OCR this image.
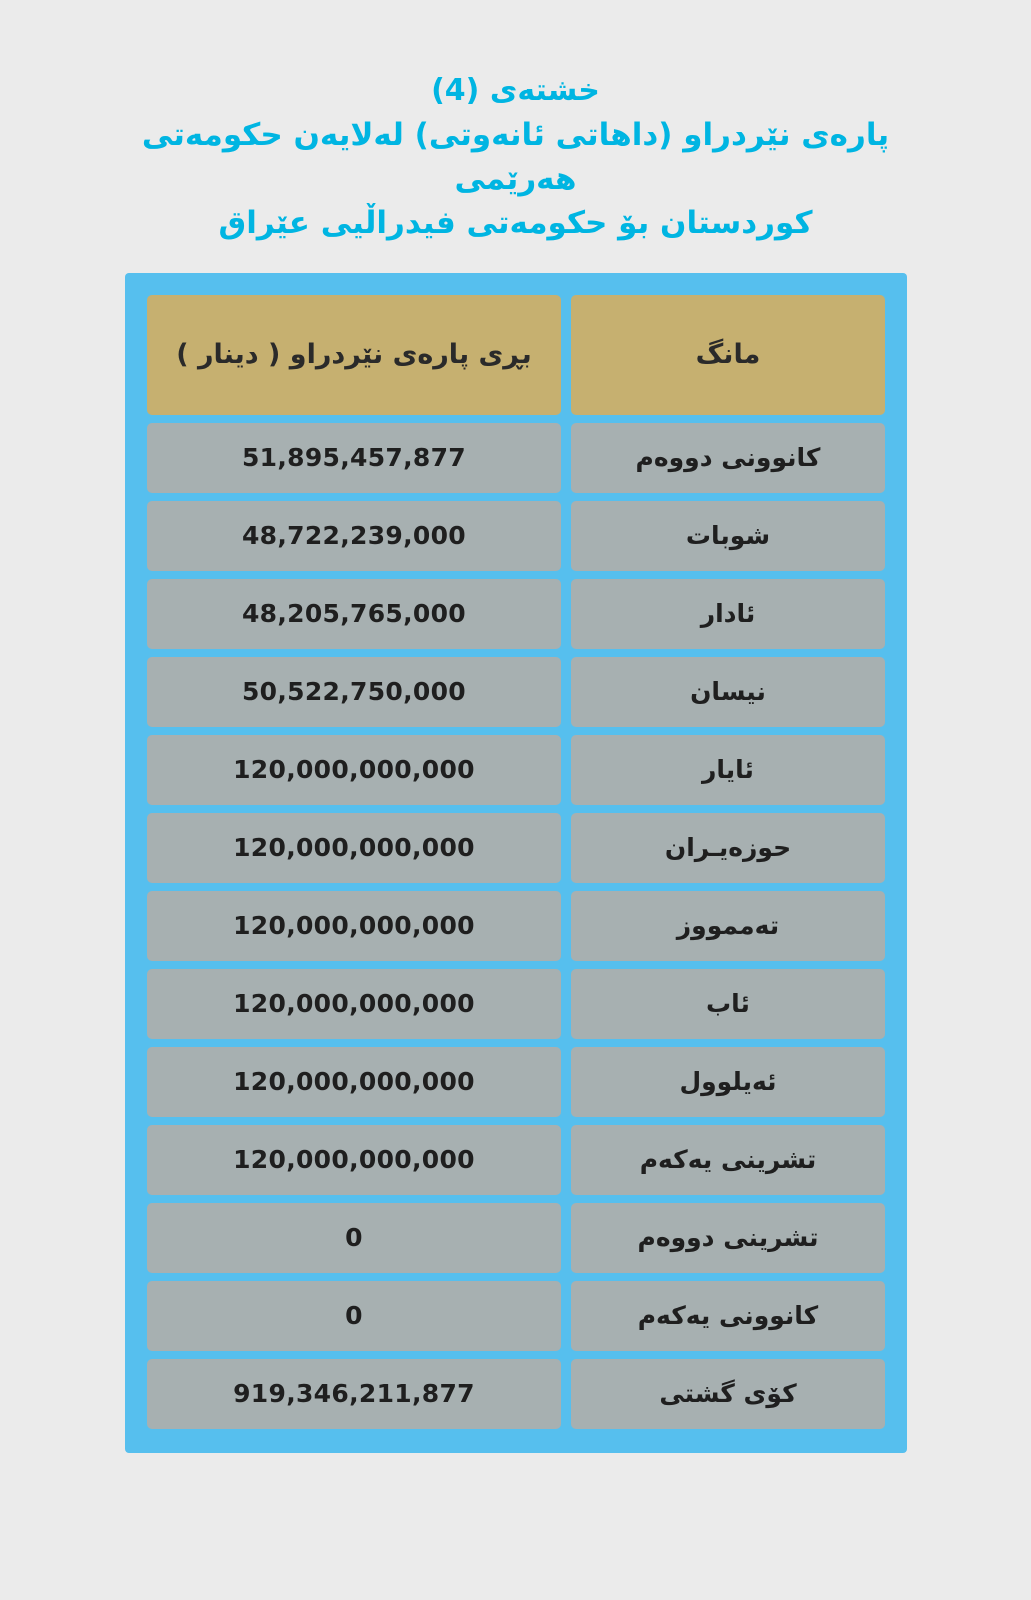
خشتەی (4)
پارەی نێردراو (داهاتی ئانەوتی) لەلایەن حکومەتی هەرێمی
کوردستان بۆ حکومەتی فیدراڵیی عێراق
مانگ	بڕی پارەی نێردراو ( دینار )
کانوونی دووەم	51,895,457,877
شوبات	48,722,239,000
ئادار	48,205,765,000
نیسان	50,522,750,000
ئایار	120,000,000,000
حوزەیـران	120,000,000,000
تەممووز	120,000,000,000
ئاب	120,000,000,000
ئەیلوول	120,000,000,000
تشرینی یەکەم	120,000,000,000
تشرینی دووەم	0
کانوونی یەکەم	0
کۆی گشتی	919,346,211,877
